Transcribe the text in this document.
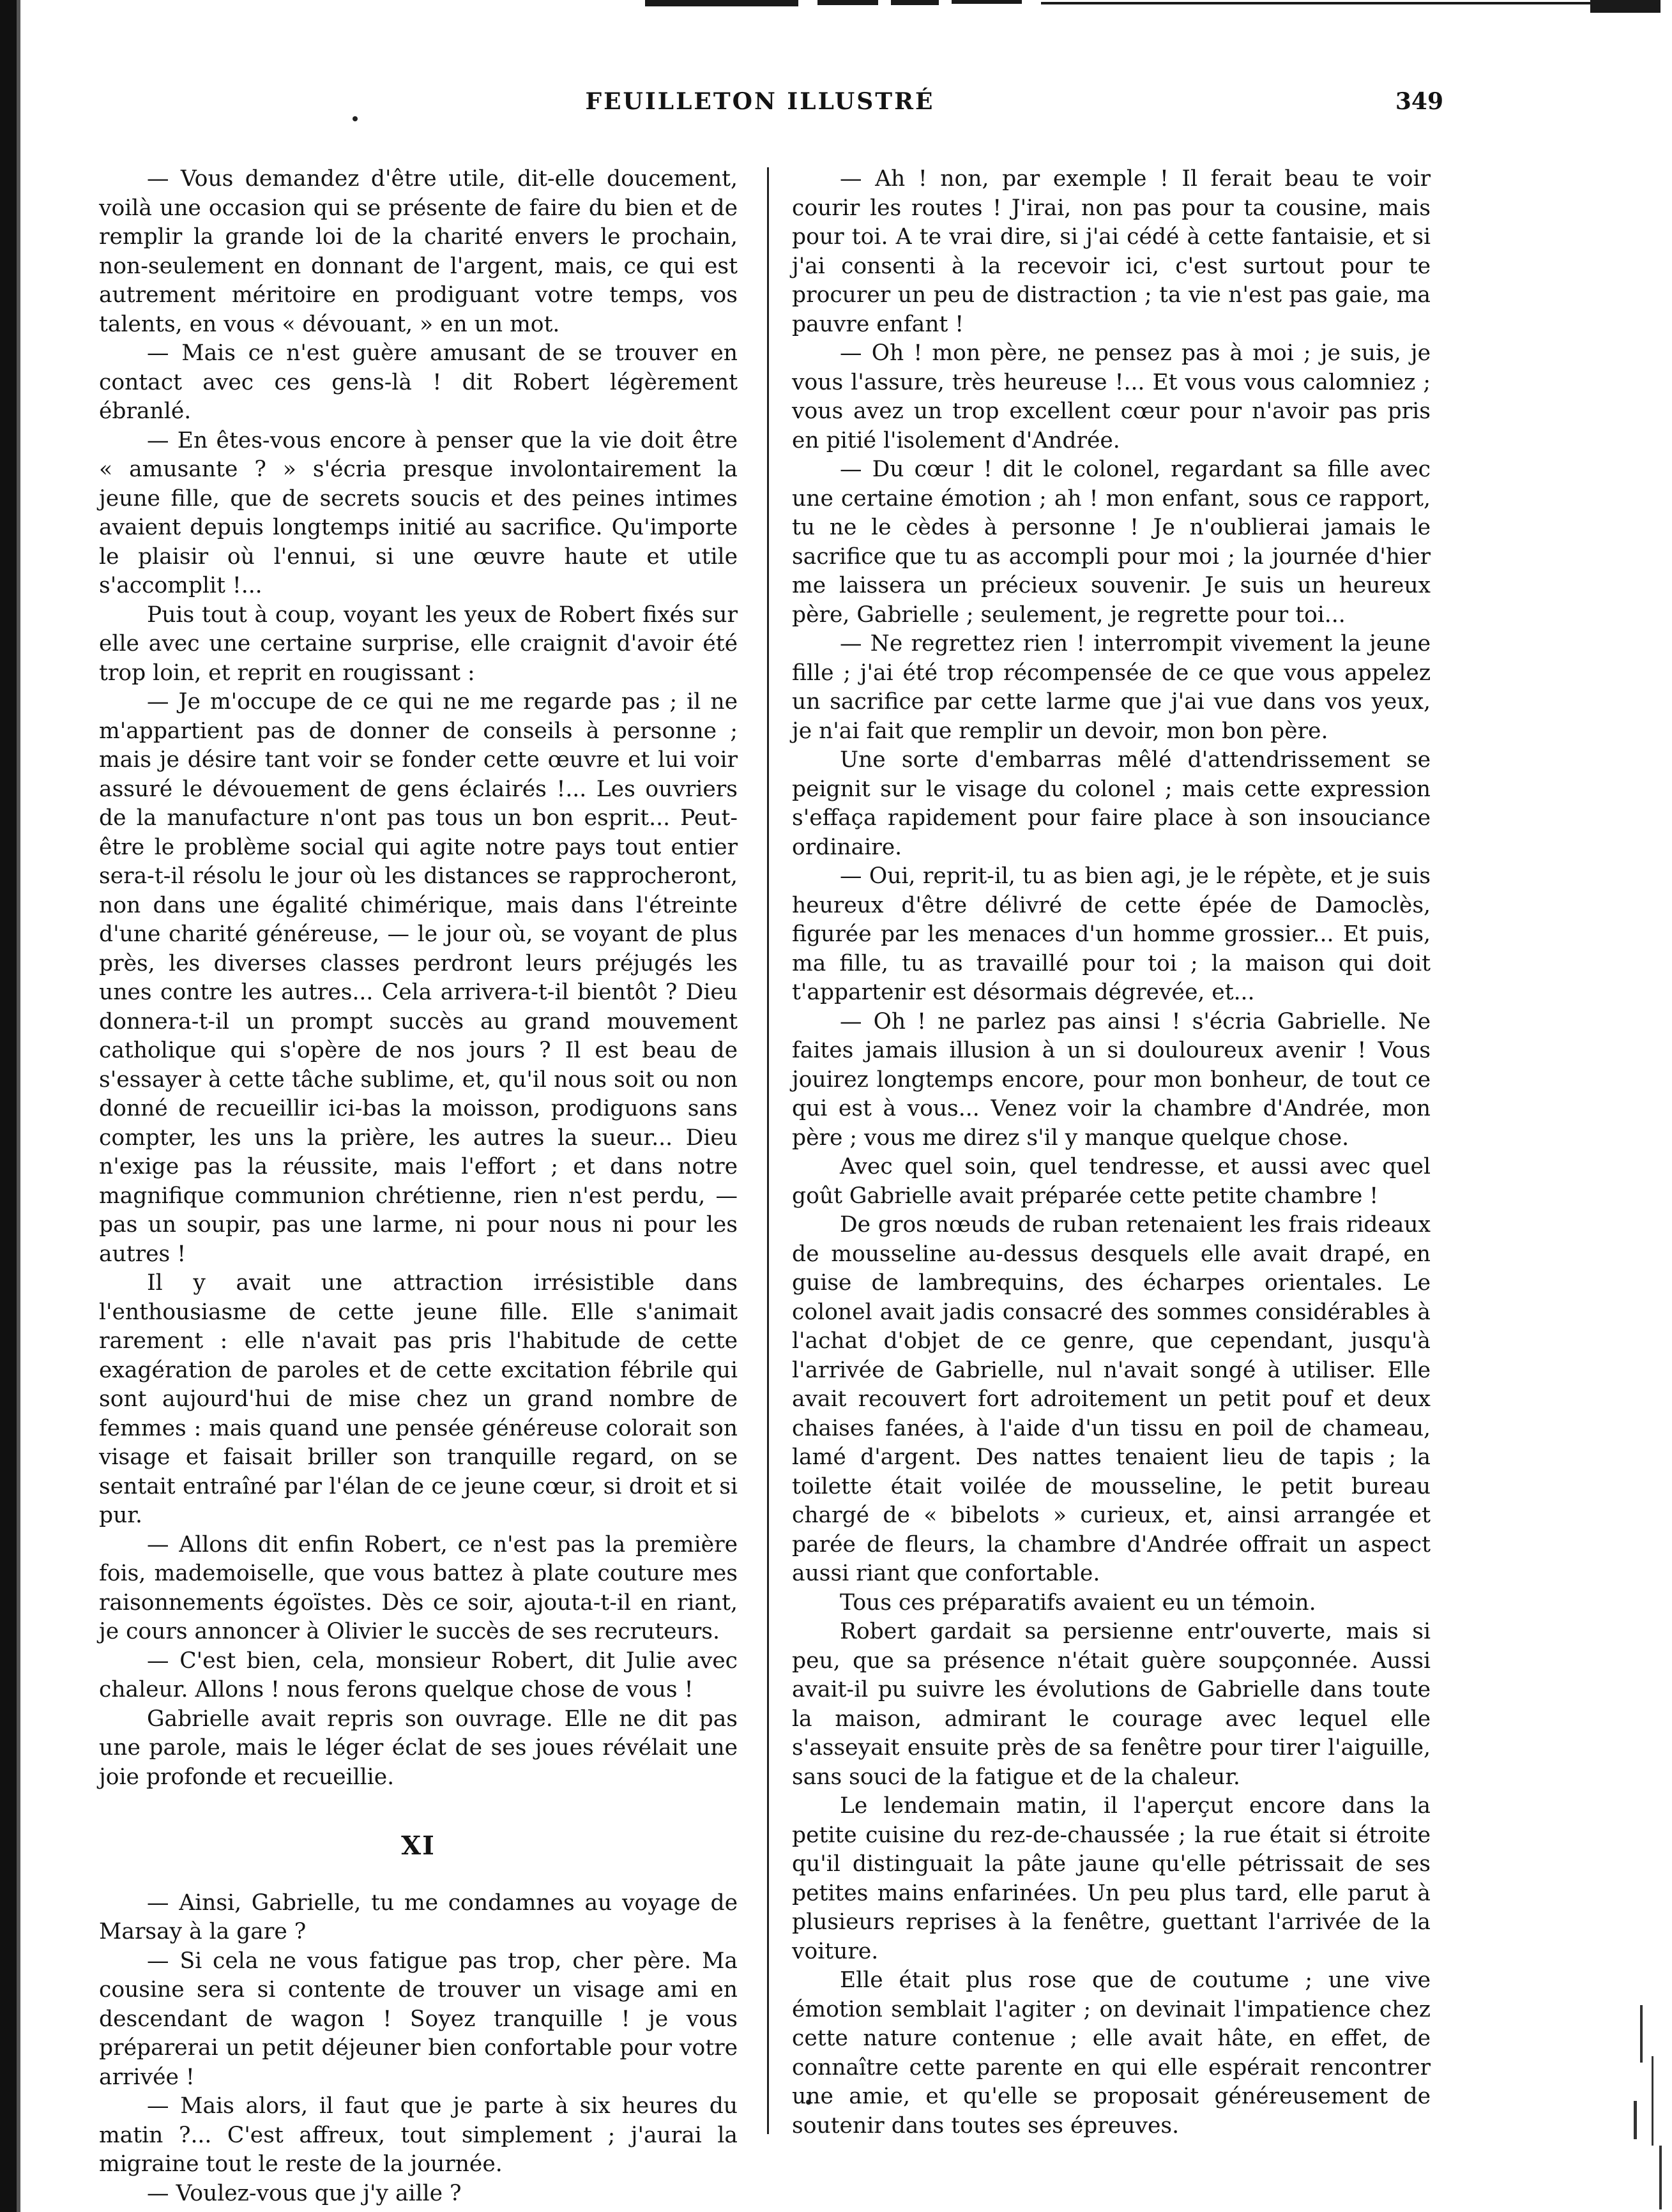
FEUILLETON ILLUSTRÉ	349

— Vous demandez d'être utile, dit-elle doucement, voilà une occasion qui se présente de faire du bien et de remplir la grande loi de la charité envers le prochain, non-seulement en donnant de l'argent, mais, ce qui est autrement méritoire en prodiguant votre temps, vos talents, en vous « dévouant, » en un mot.

— Mais ce n'est guère amusant de se trouver en contact avec ces gens-là ! dit Robert légèrement ébranlé.

— En êtes-vous encore à penser que la vie doit être « amusante ? » s'écria presque involontairement la jeune fille, que de secrets soucis et des peines intimes avaient depuis longtemps initié au sacrifice. Qu'importe le plaisir où l'ennui, si une œuvre haute et utile s'accomplit !...

Puis tout à coup, voyant les yeux de Robert fixés sur elle avec une certaine surprise, elle craignit d'avoir été trop loin, et reprit en rougissant :

— Je m'occupe de ce qui ne me regarde pas ; il ne m'appartient pas de donner de conseils à personne ; mais je désire tant voir se fonder cette œuvre et lui voir assuré le dévouement de gens éclairés !... Les ouvriers de la manufacture n'ont pas tous un bon esprit... Peut-être le problème social qui agite notre pays tout entier sera-t-il résolu le jour où les distances se rapprocheront, non dans une égalité chimérique, mais dans l'étreinte d'une charité généreuse, — le jour où, se voyant de plus près, les diverses classes perdront leurs préjugés les unes contre les autres... Cela arrivera-t-il bientôt ? Dieu donnera-t-il un prompt succès au grand mouvement catholique qui s'opère de nos jours ? Il est beau de s'essayer à cette tâche sublime, et, qu'il nous soit ou non donné de recueillir ici-bas la moisson, prodiguons sans compter, les uns la prière, les autres la sueur... Dieu n'exige pas la réussite, mais l'effort ; et dans notre magnifique communion chrétienne, rien n'est perdu, — pas un soupir, pas une larme, ni pour nous ni pour les autres !

Il y avait une attraction irrésistible dans l'enthousiasme de cette jeune fille. Elle s'animait rarement : elle n'avait pas pris l'habitude de cette exagération de paroles et de cette excitation fébrile qui sont aujourd'hui de mise chez un grand nombre de femmes : mais quand une pensée généreuse colorait son visage et faisait briller son tranquille regard, on se sentait entraîné par l'élan de ce jeune cœur, si droit et si pur.

— Allons dit enfin Robert, ce n'est pas la première fois, mademoiselle, que vous battez à plate couture mes raisonnements égoïstes. Dès ce soir, ajouta-t-il en riant, je cours annoncer à Olivier le succès de ses recruteurs.

— C'est bien, cela, monsieur Robert, dit Julie avec chaleur. Allons ! nous ferons quelque chose de vous !

Gabrielle avait repris son ouvrage. Elle ne dit pas une parole, mais le léger éclat de ses joues révélait une joie profonde et recueillie.

XI

— Ainsi, Gabrielle, tu me condamnes au voyage de Marsay à la gare ?

— Si cela ne vous fatigue pas trop, cher père. Ma cousine sera si contente de trouver un visage ami en descendant de wagon ! Soyez tranquille ! je vous préparerai un petit déjeuner bien confortable pour votre arrivée !

— Mais alors, il faut que je parte à six heures du matin ?... C'est affreux, tout simplement ; j'aurai la migraine tout le reste de la journée.

— Voulez-vous que j'y aille ?

— Ah ! non, par exemple ! Il ferait beau te voir courir les routes ! J'irai, non pas pour ta cousine, mais pour toi. A te vrai dire, si j'ai cédé à cette fantaisie, et si j'ai consenti à la recevoir ici, c'est surtout pour te procurer un peu de distraction ; ta vie n'est pas gaie, ma pauvre enfant !

— Oh ! mon père, ne pensez pas à moi ; je suis, je vous l'assure, très heureuse !... Et vous vous calomniez ; vous avez un trop excellent cœur pour n'avoir pas pris en pitié l'isolement d'Andrée.

— Du cœur ! dit le colonel, regardant sa fille avec une certaine émotion ; ah ! mon enfant, sous ce rapport, tu ne le cèdes à personne ! Je n'oublierai jamais le sacrifice que tu as accompli pour moi ; la journée d'hier me laissera un précieux souvenir. Je suis un heureux père, Gabrielle ; seulement, je regrette pour toi...

— Ne regrettez rien ! interrompit vivement la jeune fille ; j'ai été trop récompensée de ce que vous appelez un sacrifice par cette larme que j'ai vue dans vos yeux, je n'ai fait que remplir un devoir, mon bon père.

Une sorte d'embarras mêlé d'attendrissement se peignit sur le visage du colonel ; mais cette expression s'effaça rapidement pour faire place à son insouciance ordinaire.

— Oui, reprit-il, tu as bien agi, je le répète, et je suis heureux d'être délivré de cette épée de Damoclès, figurée par les menaces d'un homme grossier... Et puis, ma fille, tu as travaillé pour toi ; la maison qui doit t'appartenir est désormais dégrevée, et...

— Oh ! ne parlez pas ainsi ! s'écria Gabrielle. Ne faites jamais illusion à un si douloureux avenir ! Vous jouirez longtemps encore, pour mon bonheur, de tout ce qui est à vous... Venez voir la chambre d'Andrée, mon père ; vous me direz s'il y manque quelque chose.

Avec quel soin, quel tendresse, et aussi avec quel goût Gabrielle avait préparée cette petite chambre !

De gros nœuds de ruban retenaient les frais rideaux de mousseline au-dessus desquels elle avait drapé, en guise de lambrequins, des écharpes orientales. Le colonel avait jadis consacré des sommes considérables à l'achat d'objet de ce genre, que cependant, jusqu'à l'arrivée de Gabrielle, nul n'avait songé à utiliser. Elle avait recouvert fort adroitement un petit pouf et deux chaises fanées, à l'aide d'un tissu en poil de chameau, lamé d'argent. Des nattes tenaient lieu de tapis ; la toilette était voilée de mousseline, le petit bureau chargé de « bibelots » curieux, et, ainsi arrangée et parée de fleurs, la chambre d'Andrée offrait un aspect aussi riant que confortable.

Tous ces préparatifs avaient eu un témoin.

Robert gardait sa persienne entr'ouverte, mais si peu, que sa présence n'était guère soupçonnée. Aussi avait-il pu suivre les évolutions de Gabrielle dans toute la maison, admirant le courage avec lequel elle s'asseyait ensuite près de sa fenêtre pour tirer l'aiguille, sans souci de la fatigue et de la chaleur.

Le lendemain matin, il l'aperçut encore dans la petite cuisine du rez-de-chaussée ; la rue était si étroite qu'il distinguait la pâte jaune qu'elle pétrissait de ses petites mains enfarinées. Un peu plus tard, elle parut à plusieurs reprises à la fenêtre, guettant l'arrivée de la voiture.

Elle était plus rose que de coutume ; une vive émotion semblait l'agiter ; on devinait l'impatience chez cette nature contenue ; elle avait hâte, en effet, de connaître cette parente en qui elle espérait rencontrer une amie, et qu'elle se proposait généreusement de soutenir dans toutes ses épreuves.
